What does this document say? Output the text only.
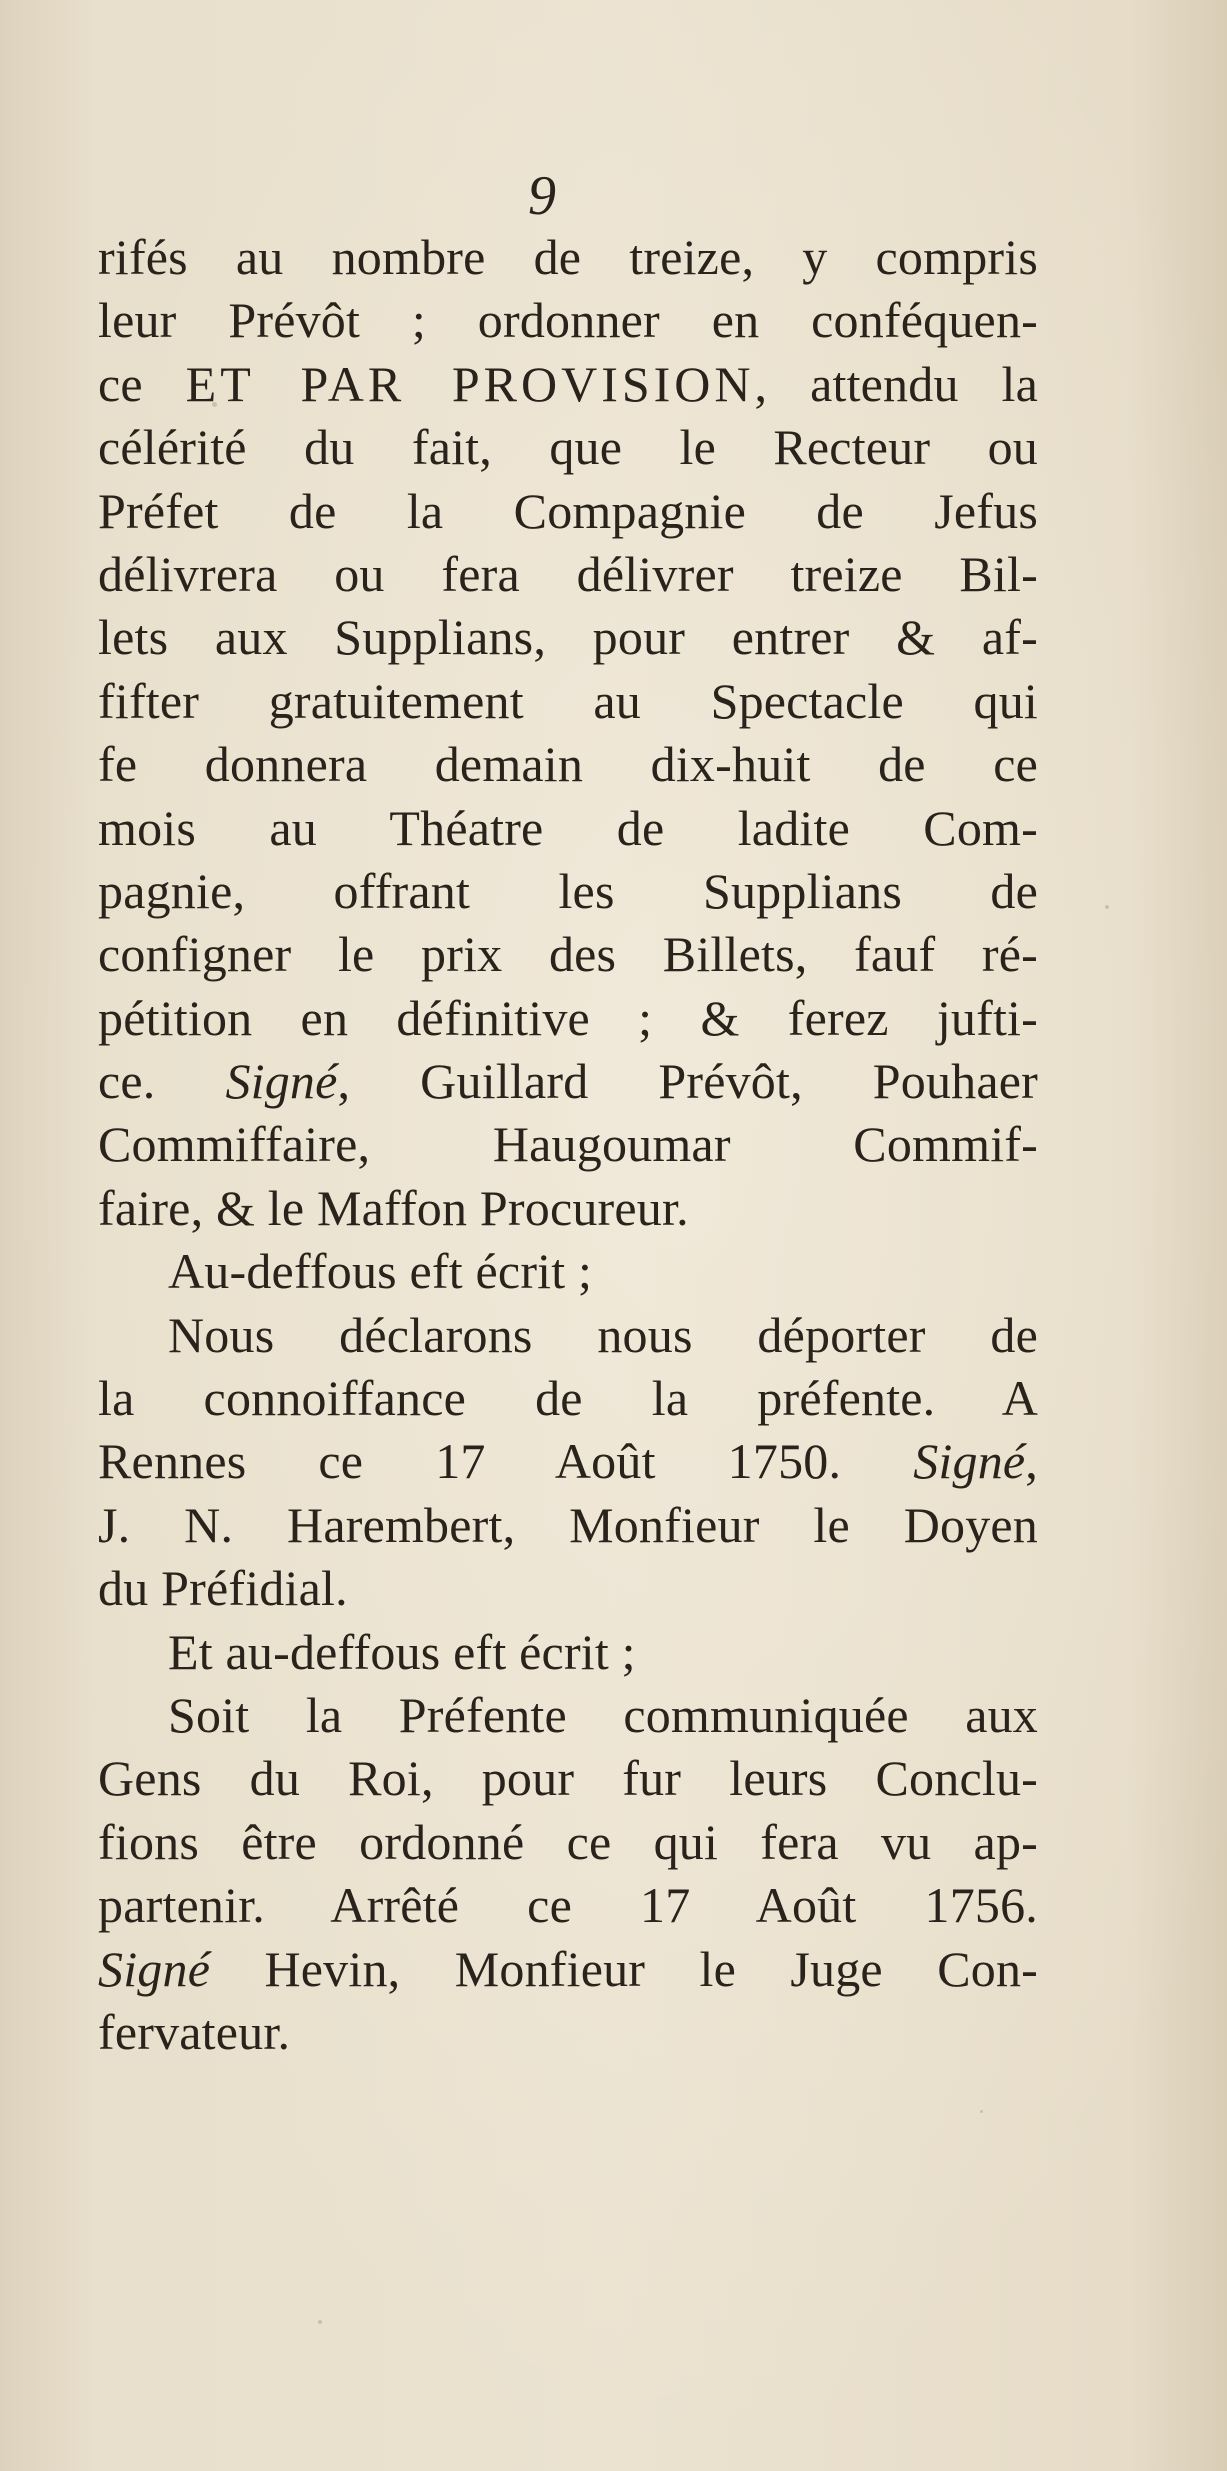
9
rifés au nombre de treize, y compris
leur Prévôt ; ordonner en conféquen-
ce ET PAR PROVISION, attendu la
célérité du fait, que le Recteur ou
Préfet de la Compagnie de Jefus
délivrera ou fera délivrer treize Bil-
lets aux Supplians, pour entrer & af-
fifter gratuitement au Spectacle qui
fe donnera demain dix-huit de ce
mois au Théatre de ladite Com-
pagnie, offrant les Supplians de
configner le prix des Billets, fauf ré-
pétition en définitive ; & ferez jufti-
ce. Signé, Guillard Prévôt, Pouhaer
Commiffaire, Haugoumar Commif-
faire, & le Maffon Procureur.
Au-deffous eft écrit ;
Nous déclarons nous déporter de
la connoiffance de la préfente. A
Rennes ce 17 Août 1750. Signé,
J. N. Harembert, Monfieur le Doyen
du Préfidial.
Et au-deffous eft écrit ;
Soit la Préfente communiquée aux
Gens du Roi, pour fur leurs Conclu-
fions être ordonné ce qui fera vu ap-
partenir. Arrêté ce 17 Août 1756.
Signé Hevin, Monfieur le Juge Con-
fervateur.
